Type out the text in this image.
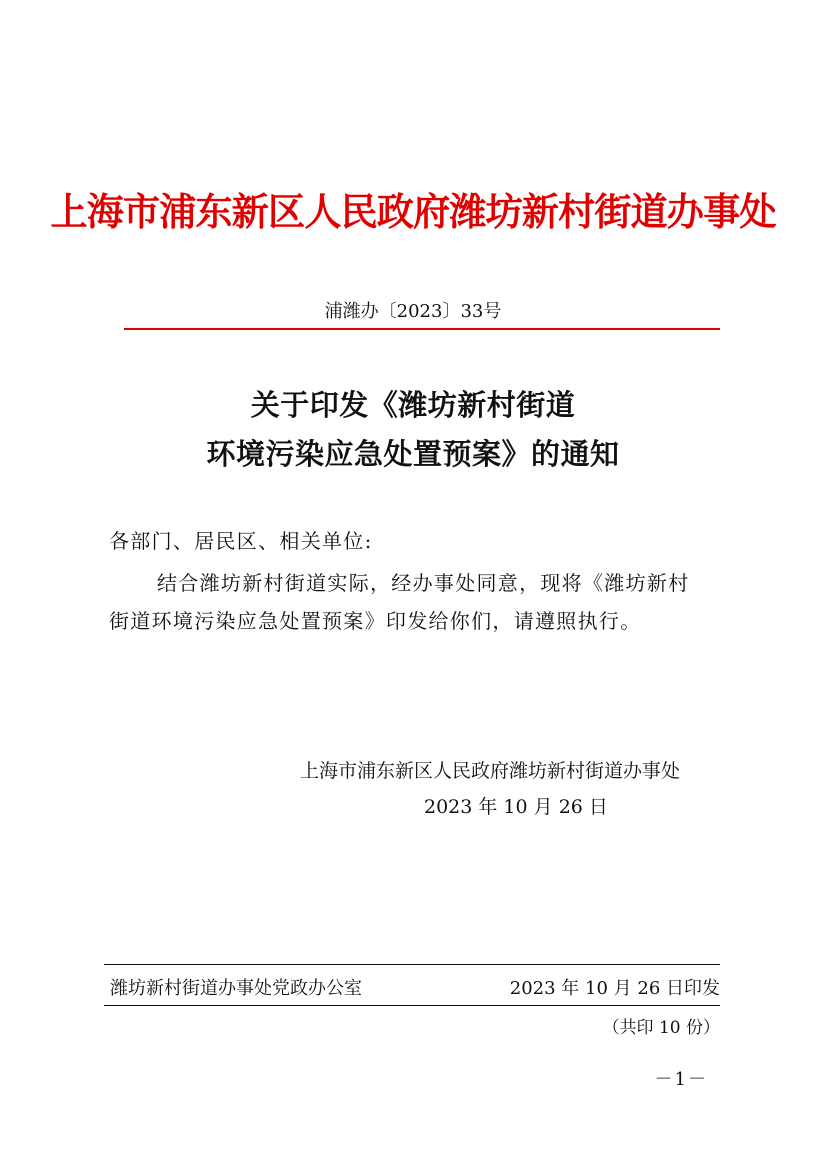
上海市浦东新区人民政府潍坊新村街道办事处
浦潍办〔2023〕33号
关于印发《潍坊新村街道
环境污染应急处置预案》的通知
各部门、居民区、相关单位:
结合潍坊新村街道实际，经办事处同意，现将《潍坊新村
街道环境污染应急处置预案》印发给你们，请遵照执行。
上海市浦东新区人民政府潍坊新村街道办事处
2023 年 10 月 26 日
潍坊新村街道办事处党政办公室	2023 年 10 月 26 日印发
（共印 10 份）
－1－
